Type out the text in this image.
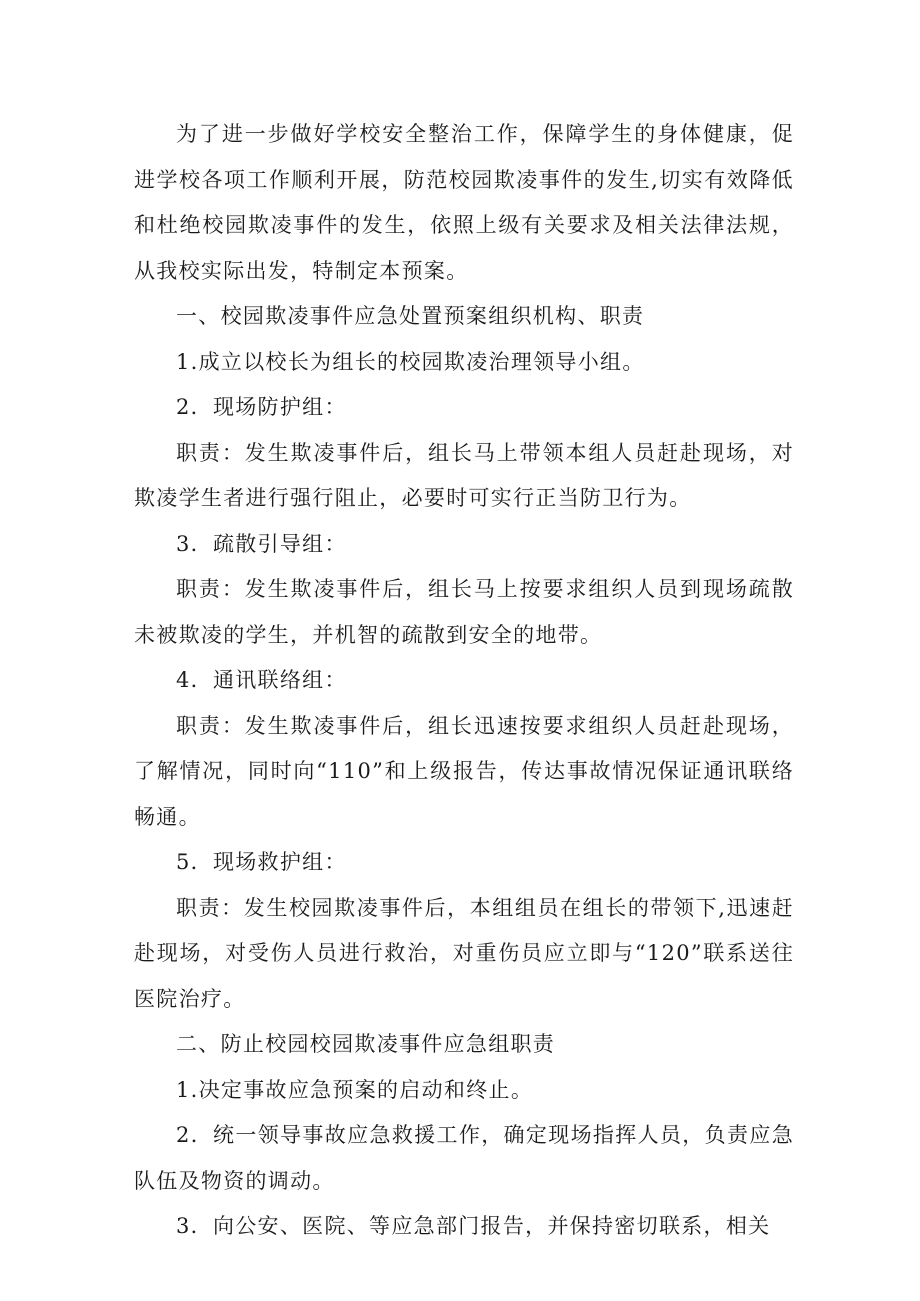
为了进一步做好学校安全整治工作，保障学生的身体健康，促进学校各项工作顺利开展，防范校园欺凌事件的发生,切实有效降低和杜绝校园欺凌事件的发生，依照上级有关要求及相关法律法规，从我校实际出发，特制定本预案。

一、校园欺凌事件应急处置预案组织机构、职责

1.成立以校长为组长的校园欺凌治理领导小组。

2．现场防护组：

职责：发生欺凌事件后，组长马上带领本组人员赶赴现场，对欺凌学生者进行强行阻止，必要时可实行正当防卫行为。

3．疏散引导组：

职责：发生欺凌事件后，组长马上按要求组织人员到现场疏散未被欺凌的学生，并机智的疏散到安全的地带。

4．通讯联络组：

职责：发生欺凌事件后，组长迅速按要求组织人员赶赴现场，了解情况，同时向“110”和上级报告，传达事故情况保证通讯联络畅通。

5．现场救护组：

职责：发生校园欺凌事件后，本组组员在组长的带领下,迅速赶赴现场，对受伤人员进行救治，对重伤员应立即与“120”联系送往医院治疗。

二、防止校园校园欺凌事件应急组职责

1.决定事故应急预案的启动和终止。

2．统一领导事故应急救援工作，确定现场指挥人员，负责应急队伍及物资的调动。

3．向公安、医院、等应急部门报告，并保持密切联系，相关
